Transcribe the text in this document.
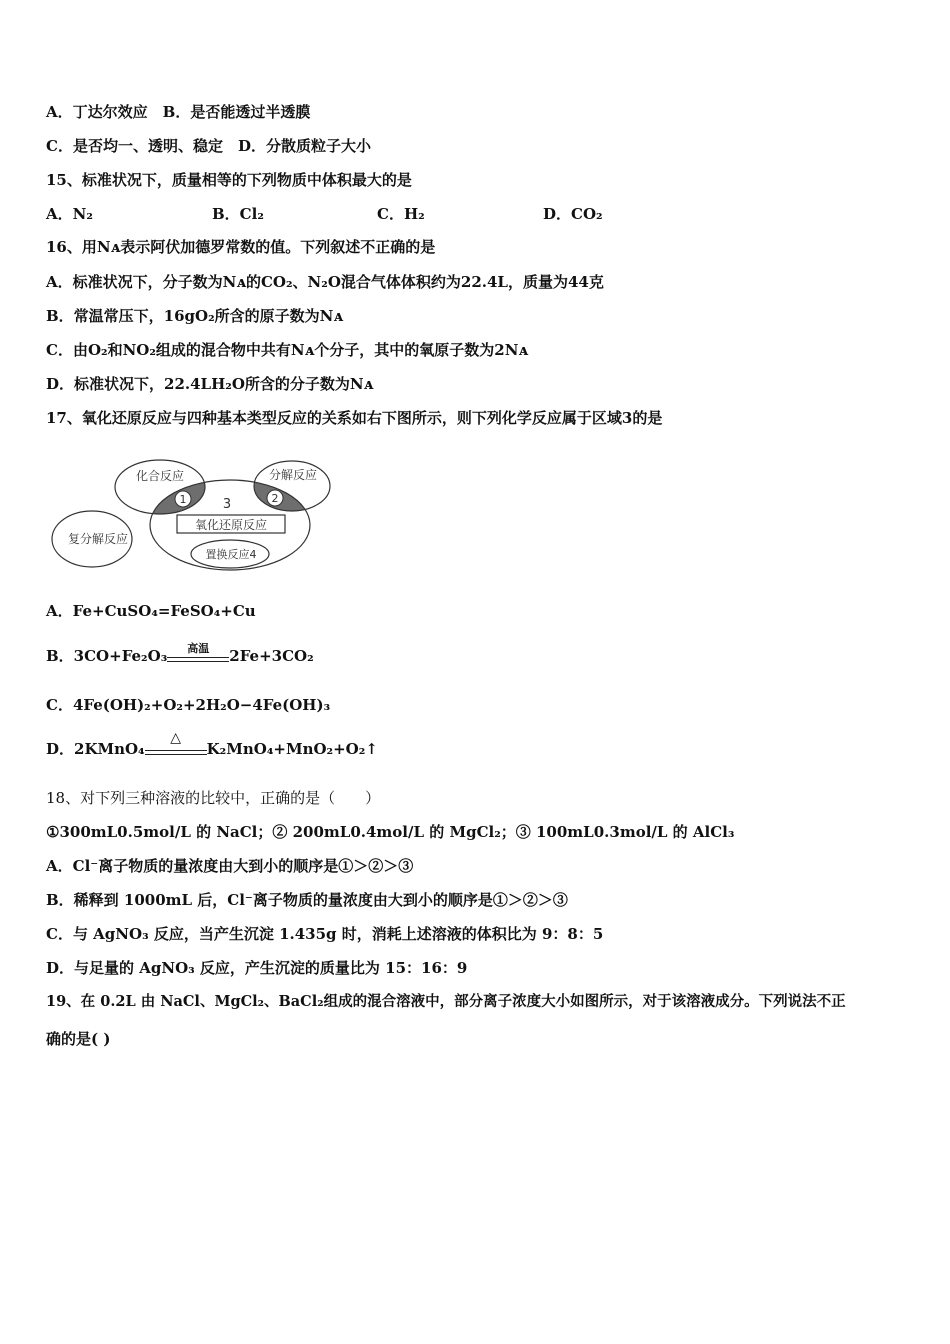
A．丁达尔效应　B．是否能透过半透膜
C．是否均一、透明、稳定　D．分散质粒子大小
15、标准状况下，质量相等的下列物质中体积最大的是
A．N₂	B．Cl₂	C．H₂	D．CO₂
16、用Nᴀ表示阿伏加德罗常数的值。下列叙述不正确的是
A．标准状况下，分子数为Nᴀ的CO₂、N₂O混合气体体积约为22.4L，质量为44克
B．常温常压下，16gO₂所含的原子数为Nᴀ
C．由O₂和NO₂组成的混合物中共有Nᴀ个分子，其中的氧原子数为2Nᴀ
D．标准状况下，22.4LH₂O所含的分子数为Nᴀ
17、氧化还原反应与四种基本类型反应的关系如右下图所示，则下列化学反应属于区域3的是
化合反应	分解反应
复分解反应
氧化还原反应
置换反应4
1	2
3
A．Fe+CuSO₄=FeSO₄+Cu
B．3CO+Fe₂O₃	高温	2Fe+3CO₂
C．4Fe(OH)₂+O₂+2H₂O−4Fe(OH)₃
D．2KMnO₄
△
K₂MnO₄+MnO₂+O₂↑
18、对下列三种溶液的比较中，正确的是（　　）
①300mL0.5mol/L 的 NaCl；② 200mL0.4mol/L 的 MgCl₂；③ 100mL0.3mol/L 的 AlCl₃
A．Cl⁻离子物质的量浓度由大到小的顺序是①＞②＞③
B．稀释到 1000mL 后，Cl⁻离子物质的量浓度由大到小的顺序是①＞②＞③
C．与 AgNO₃ 反应，当产生沉淀 1.435g 时，消耗上述溶液的体积比为 9：8：5
D．与足量的 AgNO₃ 反应，产生沉淀的质量比为 15：16：9
19、在 0.2L 由 NaCl、MgCl₂、BaCl₂组成的混合溶液中，部分离子浓度大小如图所示，对于该溶液成分。下列说法不正
确的是( )
